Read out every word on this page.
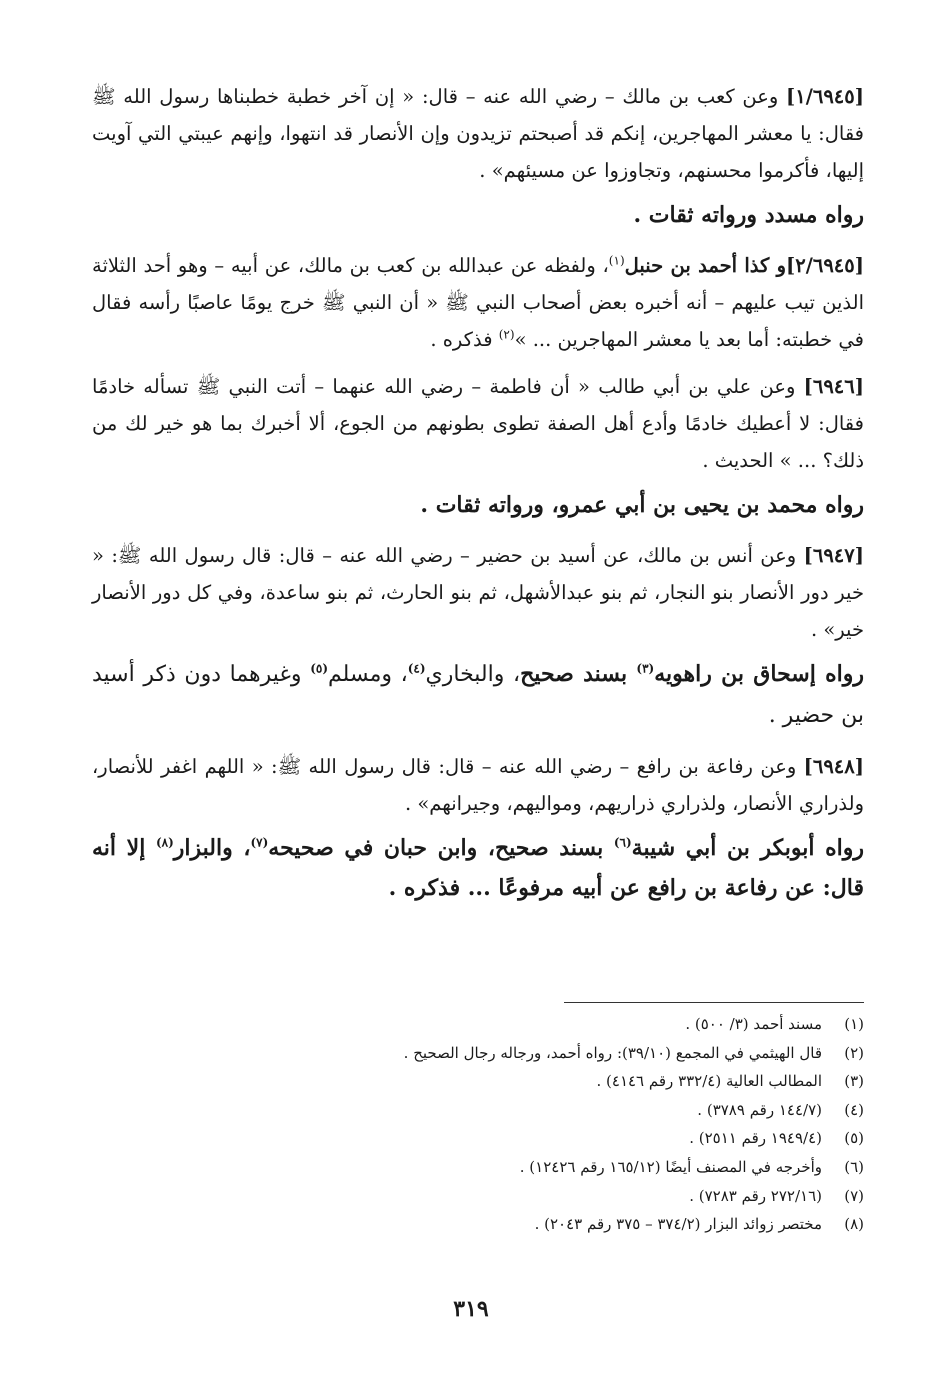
[١/٦٩٤٥] وعن كعب بن مالك – رضي الله عنه – قال: « إن آخر خطبة خطبناها رسول الله ﷺ فقال: يا معشر المهاجرين، إنكم قد أصبحتم تزيدون وإن الأنصار قد انتهوا، وإنهم عيبتي التي آويت إليها، فأكرموا محسنهم، وتجاوزوا عن مسيئهم» .

رواه مسدد ورواته ثقات .

[٢/٦٩٤٥]و كذا أحمد بن حنبل$^{(١)}$، ولفظه عن عبدالله بن كعب بن مالك، عن أبيه – وهو أحد الثلاثة الذين تيب عليهم – أنه أخبره بعض أصحاب النبي ﷺ « أن النبي ﷺ خرج يومًا عاصبًا رأسه فقال في خطبته: أما بعد يا معشر المهاجرين ... »$^{(٢)}$ فذكره .

[٦٩٤٦] وعن علي بن أبي طالب « أن فاطمة – رضي الله عنهما – أتت النبي ﷺ تسأله خادمًا فقال: لا أعطيك خادمًا وأدع أهل الصفة تطوى بطونهم من الجوع، ألا أخبرك بما هو خير لك من ذلك؟ ... » الحديث .

رواه محمد بن يحيى بن أبي عمرو، ورواته ثقات .

[٦٩٤٧] وعن أنس بن مالك، عن أسيد بن حضير – رضي الله عنه – قال: قال رسول الله ﷺ: « خير دور الأنصار بنو النجار، ثم بنو عبدالأشهل، ثم بنو الحارث، ثم بنو ساعدة، وفي كل دور الأنصار خير» .

رواه إسحاق بن راهويه$^{(٣)}$ بسند صحيح، والبخاري$^{(٤)}$، ومسلم$^{(٥)}$ وغيرهما دون ذكر أسيد بن حضير .

[٦٩٤٨] وعن رفاعة بن رافع – رضي الله عنه – قال: قال رسول الله ﷺ: « اللهم اغفر للأنصار، ولذراري الأنصار، ولذراري ذراريهم، ومواليهم، وجيرانهم» .

رواه أبوبكر بن أبي شيبة$^{(٦)}$ بسند صحيح، وابن حبان في صحيحه$^{(٧)}$، والبزار$^{(٨)}$ إلا أنه قال: عن رفاعة بن رافع عن أبيه مرفوعًا ... فذكره .

(١)مسند أحمد (٣/ ٥٠٠) .
(٢)قال الهيثمي في المجمع (٣٩/١٠): رواه أحمد، ورجاله رجال الصحيح .
(٣)المطالب العالية (٣٣٢/٤ رقم ٤١٤٦) .
(٤)(١٤٤/٧ رقم ٣٧٨٩) .
(٥)(١٩٤٩/٤ رقم ٢٥١١) .
(٦)وأخرجه في المصنف أيضًا (١٦٥/١٢ رقم ١٢٤٢٦) .
(٧)(٢٧٢/١٦ رقم ٧٢٨٣) .
(٨)مختصر زوائد البزار (٣٧٤/٢ – ٣٧٥ رقم ٢٠٤٣) .
٣١٩
